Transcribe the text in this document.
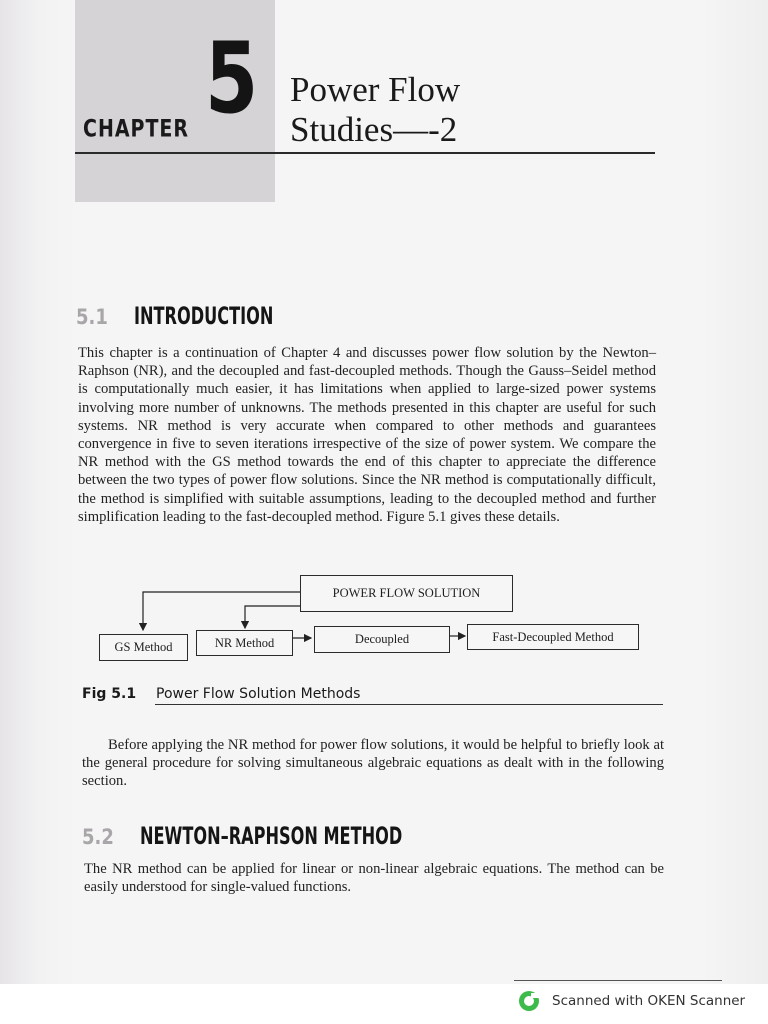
CHAPTER 5 Power Flow
Studies—-2
5.1	INTRODUCTION

This chapter is a continuation of Chapter 4 and discusses power flow solution by the Newton–Raphson (NR), and the decoupled and fast-decoupled methods. Though the Gauss–Seidel method is computationally much easier, it has limitations when applied to large-sized power systems involving more number of unknowns. The methods presented in this chapter are useful for such systems. NR method is very accurate when compared to other methods and guarantees convergence in five to seven iterations irrespective of the size of power system. We compare the NR method with the GS method towards the end of this chapter to appreciate the difference between the two types of power flow solutions. Since the NR method is computationally difficult, the method is simplified with suitable assumptions, leading to the decoupled method and further simplification leading to the fast-decoupled method. Figure 5.1 gives these details.

POWER FLOW SOLUTION
GS Method	NR Method	Decoupled	Fast-Decoupled Method
Fig 5.1 Power Flow Solution Methods

Before applying the NR method for power flow solutions, it would be helpful to briefly look at the general procedure for solving simultaneous algebraic equations as dealt with in the following section.

5.2	NEWTON–RAPHSON METHOD

The NR method can be applied for linear or non-linear algebraic equations. The method can be easily understood for single-valued functions.

Scanned with OKEN Scanner
